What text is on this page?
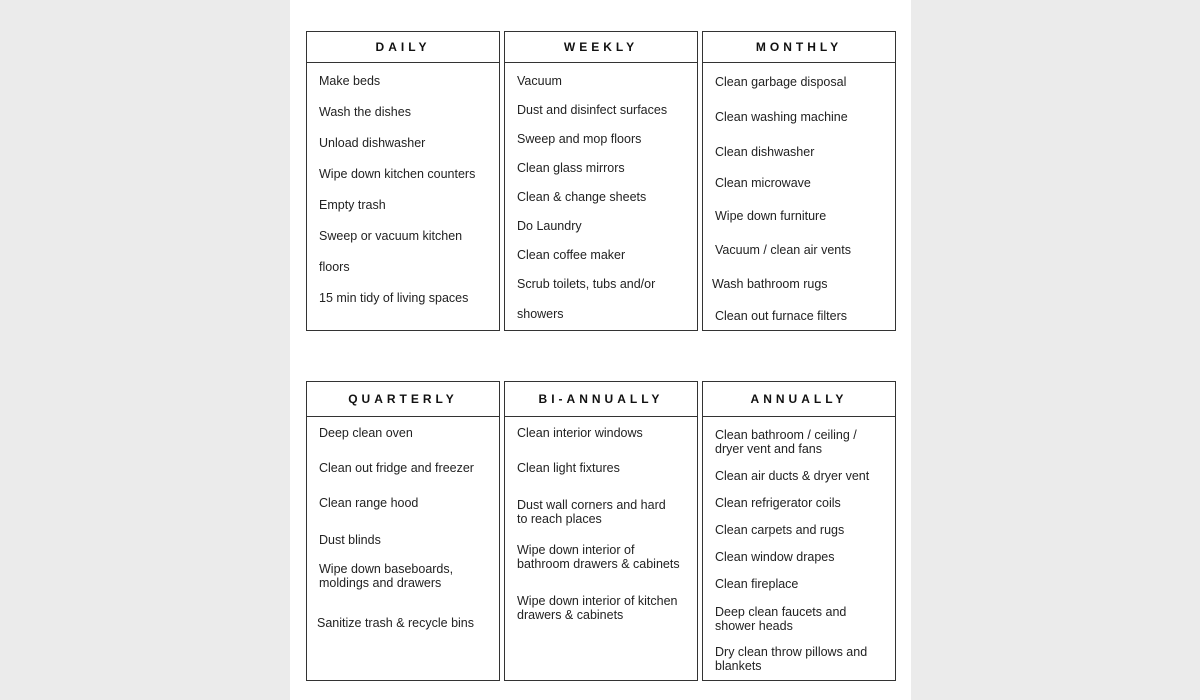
DAILY
Make beds
Wash the dishes
Unload dishwasher
Wipe down kitchen counters
Empty trash
Sweep or vacuum kitchen
floors
15 min tidy of living spaces
WEEKLY
Vacuum
Dust and disinfect surfaces
Sweep and mop floors
Clean glass mirrors
Clean & change sheets
Do Laundry
Clean coffee maker
Scrub toilets, tubs and/or
showers
MONTHLY
Clean garbage disposal
Clean washing machine
Clean dishwasher
Clean microwave
Wipe down furniture
Vacuum / clean air vents
Wash bathroom rugs
Clean out furnace filters
QUARTERLY
Deep clean oven
Clean out fridge and freezer
Clean range hood
Dust blinds
Wipe down baseboards,
moldings and drawers
Sanitize trash & recycle bins
BI-ANNUALLY
Clean interior windows
Clean light fixtures
Dust wall corners and hard
to reach places
Wipe down interior of
bathroom drawers & cabinets
Wipe down interior of kitchen
drawers & cabinets
ANNUALLY
Clean bathroom / ceiling /
dryer vent and fans
Clean air ducts & dryer vent
Clean refrigerator coils
Clean carpets and rugs
Clean window drapes
Clean fireplace
Deep clean faucets and
shower heads
Dry clean throw pillows and
blankets
